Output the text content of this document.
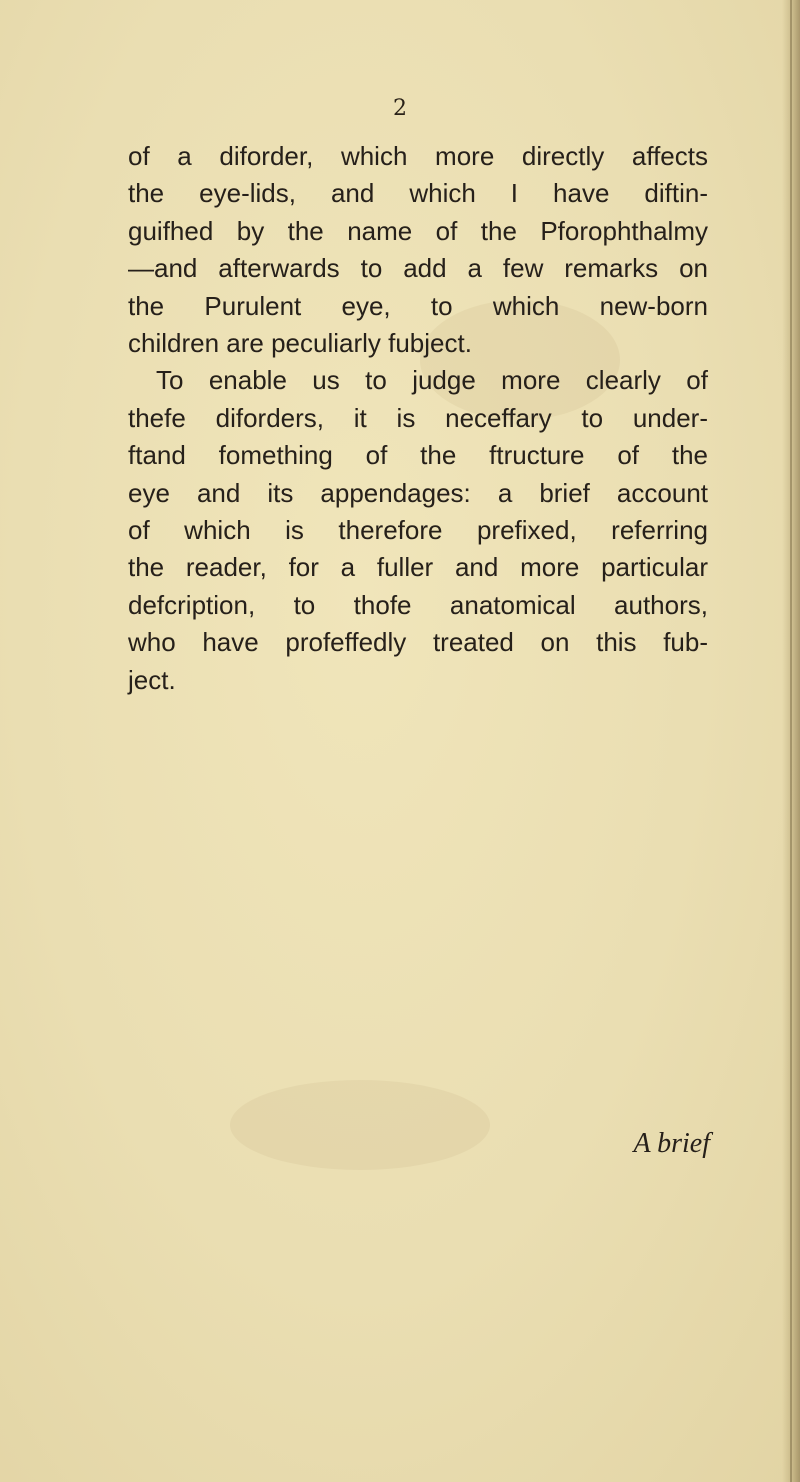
2
of a diforder, which more directly affects
the eye-lids, and which I have diftin-
guifhed by the name of the Pforophthalmy
—and afterwards to add a few remarks on
the Purulent eye, to which new-born
children are peculiarly fubject.
To enable us to judge more clearly of
thefe diforders, it is neceffary to under-
ftand fomething of the ftructure of the
eye and its appendages: a brief account
of which is therefore prefixed, referring
the reader, for a fuller and more particular
defcription, to thofe anatomical authors,
who have profeffedly treated on this fub-
ject.
A brief
